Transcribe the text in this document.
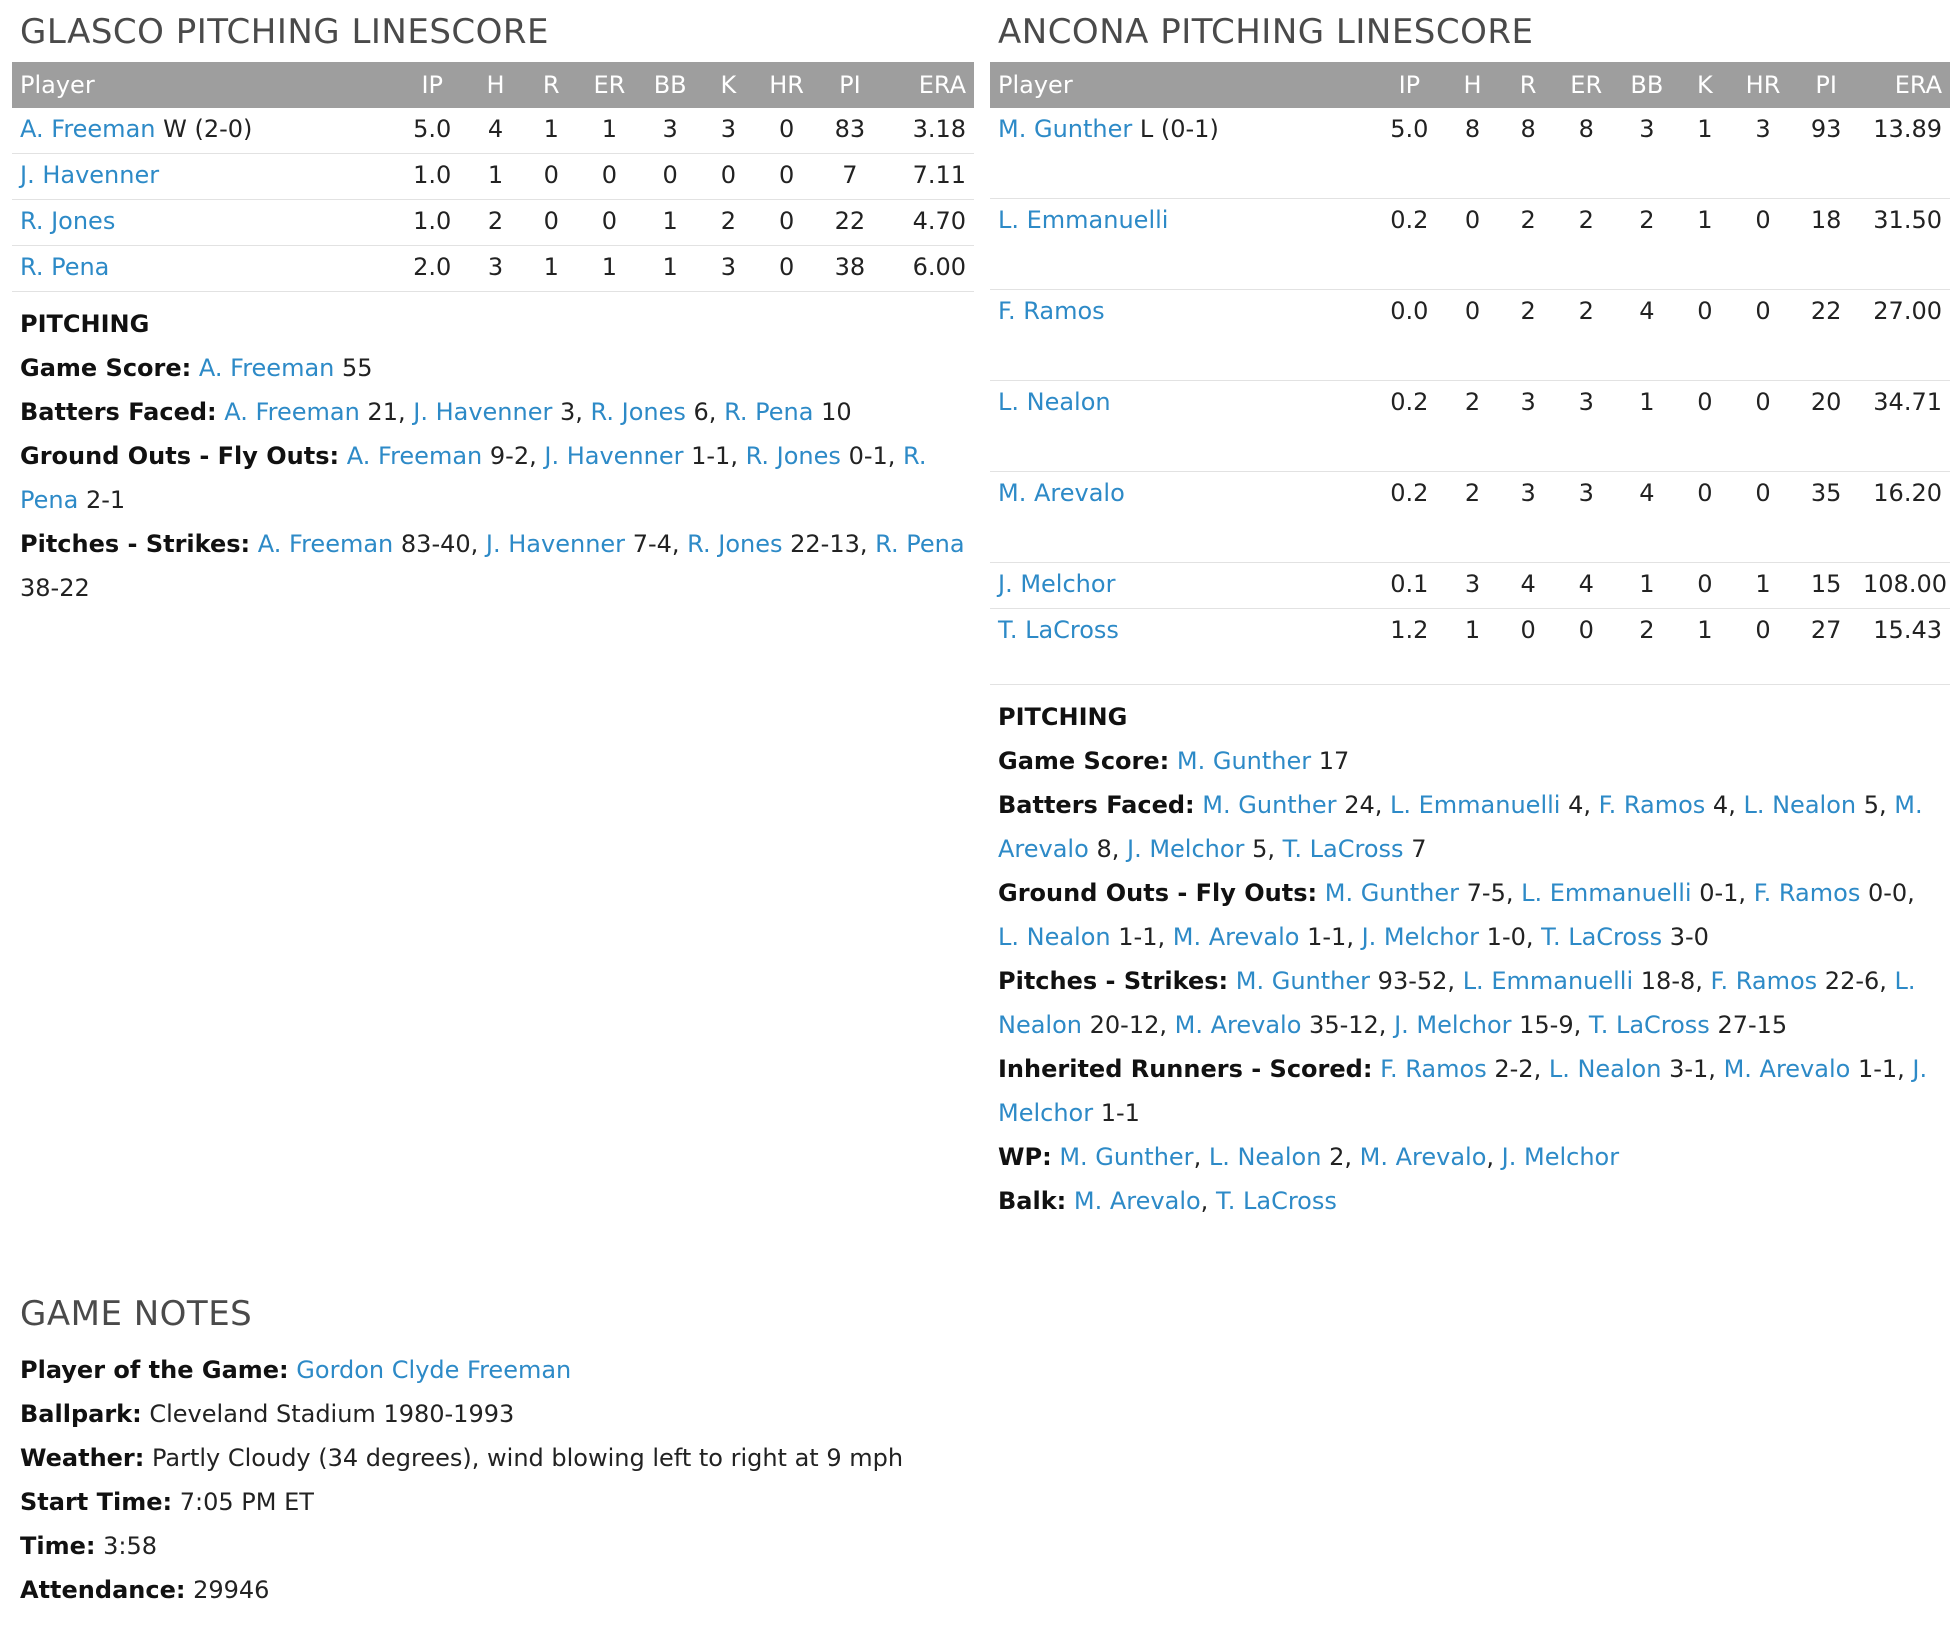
GLASCO PITCHING LINESCORE
Player	IP	H	R	ER	BB	K	HR	PI	ERA
A. Freeman W (2-0)	5.0	4	1	1	3	3	0	83	3.18
J. Havenner	1.0	1	0	0	0	0	0	7	7.11
R. Jones	1.0	2	0	0	1	2	0	22	4.70
R. Pena	2.0	3	1	1	1	3	0	38	6.00
PITCHING

Game Score: A. Freeman 55

Batters Faced: A. Freeman 21, J. Havenner 3, R. Jones 6, R. Pena 10

Ground Outs - Fly Outs: A. Freeman 9-2, J. Havenner 1-1, R. Jones 0-1, R. Pena 2-1

Pitches - Strikes: A. Freeman 83-40, J. Havenner 7-4, R. Jones 22-13, R. Pena 38-22

ANCONA PITCHING LINESCORE
Player	IP	H	R	ER	BB	K	HR	PI	ERA
M. Gunther L (0-1)	5.0	8	8	8	3	1	3	93	13.89
L. Emmanuelli	0.2	0	2	2	2	1	0	18	31.50
F. Ramos	0.0	0	2	2	4	0	0	22	27.00
L. Nealon	0.2	2	3	3	1	0	0	20	34.71
M. Arevalo	0.2	2	3	3	4	0	0	35	16.20
J. Melchor	0.1	3	4	4	1	0	1	15	108.00
T. LaCross	1.2	1	0	0	2	1	0	27	15.43
PITCHING

Game Score: M. Gunther 17

Batters Faced: M. Gunther 24, L. Emmanuelli 4, F. Ramos 4, L. Nealon 5, M. Arevalo 8, J. Melchor 5, T. LaCross 7

Ground Outs - Fly Outs: M. Gunther 7-5, L. Emmanuelli 0-1, F. Ramos 0-0, L. Nealon 1-1, M. Arevalo 1-1, J. Melchor 1-0, T. LaCross 3-0

Pitches - Strikes: M. Gunther 93-52, L. Emmanuelli 18-8, F. Ramos 22-6, L. Nealon 20-12, M. Arevalo 35-12, J. Melchor 15-9, T. LaCross 27-15

Inherited Runners - Scored: F. Ramos 2-2, L. Nealon 3-1, M. Arevalo 1-1, J. Melchor 1-1

WP: M. Gunther, L. Nealon 2, M. Arevalo, J. Melchor

Balk: M. Arevalo, T. LaCross

GAME NOTES

Player of the Game: Gordon Clyde Freeman

Ballpark: Cleveland Stadium 1980-1993

Weather: Partly Cloudy (34 degrees), wind blowing left to right at 9 mph

Start Time: 7:05 PM ET

Time: 3:58

Attendance: 29946
